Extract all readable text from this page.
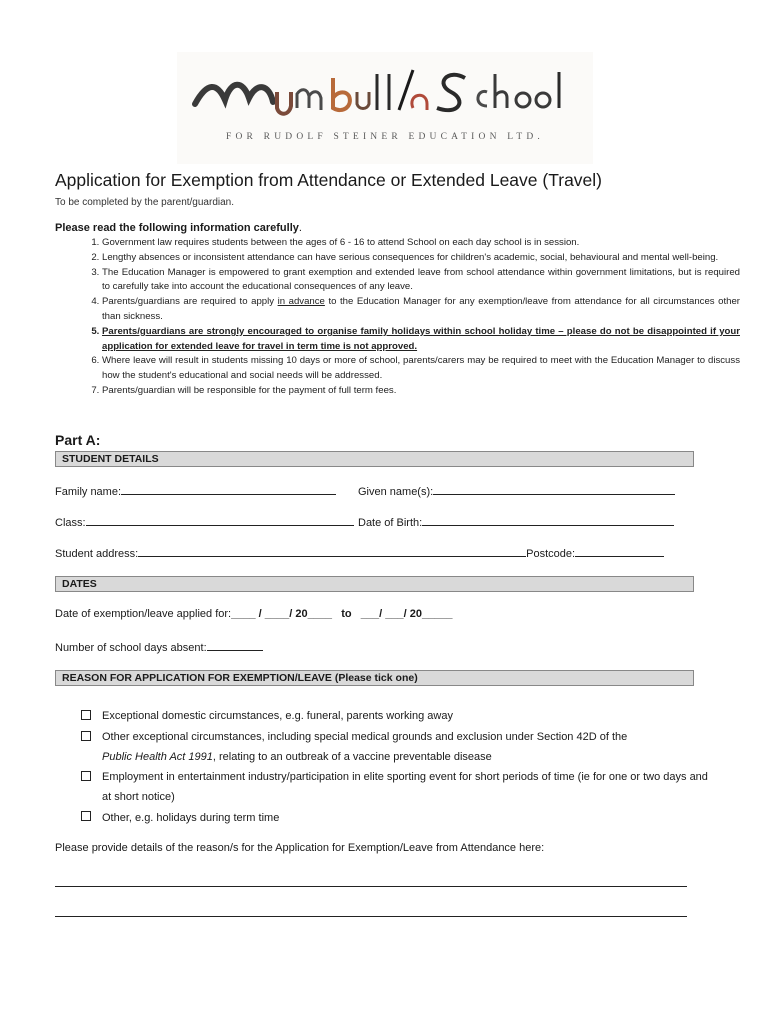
FOR RUDOLF STEINER EDUCATION LTD.
Application for Exemption from Attendance or Extended Leave (Travel)
To be completed by the parent/guardian.
Please read the following information carefully.
1. Government law requires students between the ages of 6 - 16 to attend School on each day school is in session.
2. Lengthy absences or inconsistent attendance can have serious consequences for children's academic, social, behavioural and mental well-being.
3. The Education Manager is empowered to grant exemption and extended leave from school attendance within government limitations, but is required to carefully take into account the educational consequences of any leave.
4. Parents/guardians are required to apply in advance to the Education Manager for any exemption/leave from attendance for all circumstances other than sickness.
5. Parents/guardians are strongly encouraged to organise family holidays within school holiday time – please do not be disappointed if your application for extended leave for travel in term time is not approved.
6. Where leave will result in students missing 10 days or more of school, parents/carers may be required to meet with the Education Manager to discuss how the student's educational and social needs will be addressed.
7. Parents/guardian will be responsible for the payment of full term fees.
Part A:
STUDENT DETAILS
Family name:	Given name(s):
Class:	Date of Birth:
Student address:	Postcode:
DATES
Date of exemption/leave applied for:____ / ____/ 20____ to ___/ ___/ 20_____
Number of school days absent:
REASON FOR APPLICATION FOR EXEMPTION/LEAVE (Please tick one)
Exceptional domestic circumstances, e.g. funeral, parents working away
Other exceptional circumstances, including special medical grounds and exclusion under Section 42D of the
Public Health Act 1991, relating to an outbreak of a vaccine preventable disease
Employment in entertainment industry/participation in elite sporting event for short periods of time (ie for one or two days and at short notice)
Other, e.g. holidays during term time
Please provide details of the reason/s for the Application for Exemption/Leave from Attendance here:
